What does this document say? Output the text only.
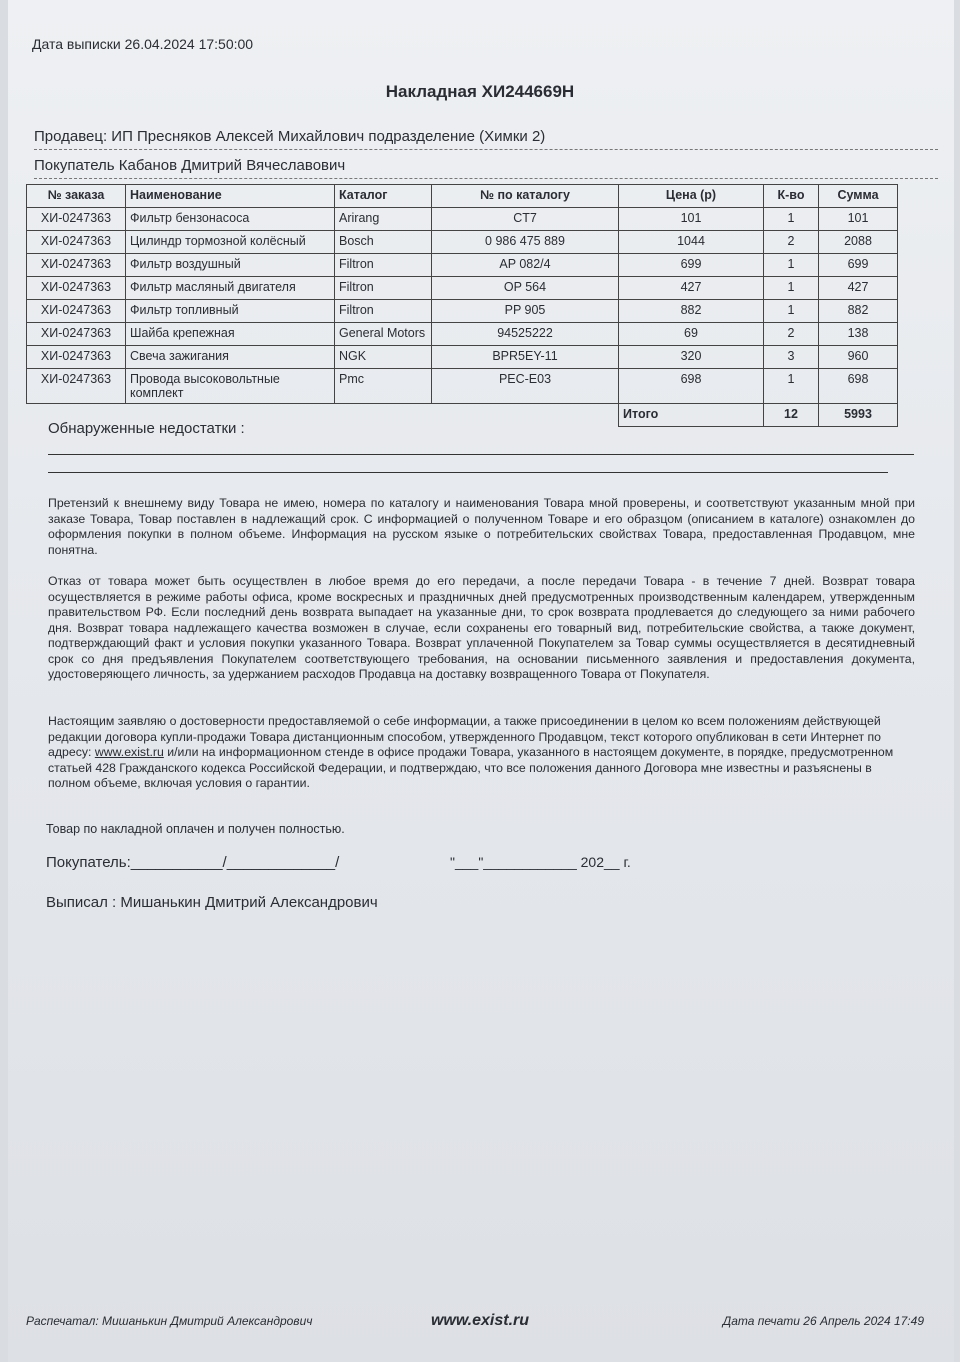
Дата выписки 26.04.2024 17:50:00
Накладная ХИ244669Н
Продавец: ИП Пресняков Алексей Михайлович подразделение (Химки 2)
Покупатель Кабанов Дмитрий Вячеславович
№ заказа	Наименование	Каталог	№ по каталогу	Цена (р)	К-во	Сумма
ХИ-0247363	Фильтр бензонасоса	Arirang	CT7	101	1	101
ХИ-0247363	Цилиндр тормозной колёсный	Bosch	0 986 475 889	1044	2	2088
ХИ-0247363	Фильтр воздушный	Filtron	AP 082/4	699	1	699
ХИ-0247363	Фильтр масляный двигателя	Filtron	OP 564	427	1	427
ХИ-0247363	Фильтр топливный	Filtron	PP 905	882	1	882
ХИ-0247363	Шайба крепежная	General Motors	94525222	69	2	138
ХИ-0247363	Свеча зажигания	NGK	BPR5EY-11	320	3	960
ХИ-0247363	Провода высоковольтные комплект	Pmc	PEC-E03	698	1	698
				Итого	12	5993
Обнаруженные недостатки :
Претензий к внешнему виду Товара не имею, номера по каталогу и наименования Товара мной проверены, и соответствуют указанным мной при заказе Товара, Товар поставлен в надлежащий срок. С информацией о полученном Товаре и его образцом (описанием в каталоге) ознакомлен до оформления покупки в полном объеме. Информация на русском языке о потребительских свойствах Товара, предоставленная Продавцом, мне понятна.
Отказ от товара может быть осуществлен в любое время до его передачи, а после передачи Товара - в течение 7 дней. Возврат товара осуществляется в режиме работы офиса, кроме воскресных и праздничных дней предусмотренных производственным календарем, утвержденным правительством РФ. Если последний день возврата выпадает на указанные дни, то срок возврата продлевается до следующего за ними рабочего дня. Возврат товара надлежащего качества возможен в случае, если сохранены его товарный вид, потребительские свойства, а также документ, подтверждающий факт и условия покупки указанного Товара. Возврат уплаченной Покупателем за Товар суммы осуществляется в десятидневный срок со дня предъявления Покупателем соответствующего требования, на основании письменного заявления и предоставления документа, удостоверяющего личность, за удержанием расходов Продавца на доставку возвращенного Товара от Покупателя.
Настоящим заявляю о достоверности предоставляемой о себе информации, а также присоединении в целом ко всем положениям действующей редакции договора купли-продажи Товара дистанционным способом, утвержденного Продавцом, текст которого опубликован в сети Интернет по адресу: www.exist.ru и/или на информационном стенде в офисе продажи Товара, указанного в настоящем документе, в порядке, предусмотренном статьей 428 Гражданского кодекса Российской Федерации, и подтверждаю, что все положения данного Договора мне известны и разъяснены в полном объеме, включая условия о гарантии.
Товар по накладной оплачен и получен полностью.
Покупатель:___________/_____________/	"___"____________ 202__ г.
Выписал : Мишанькин Дмитрий Александрович
Распечатал: Мишанькин Дмитрий Александрович	www.exist.ru	Дата печати 26 Апрель 2024 17:49
